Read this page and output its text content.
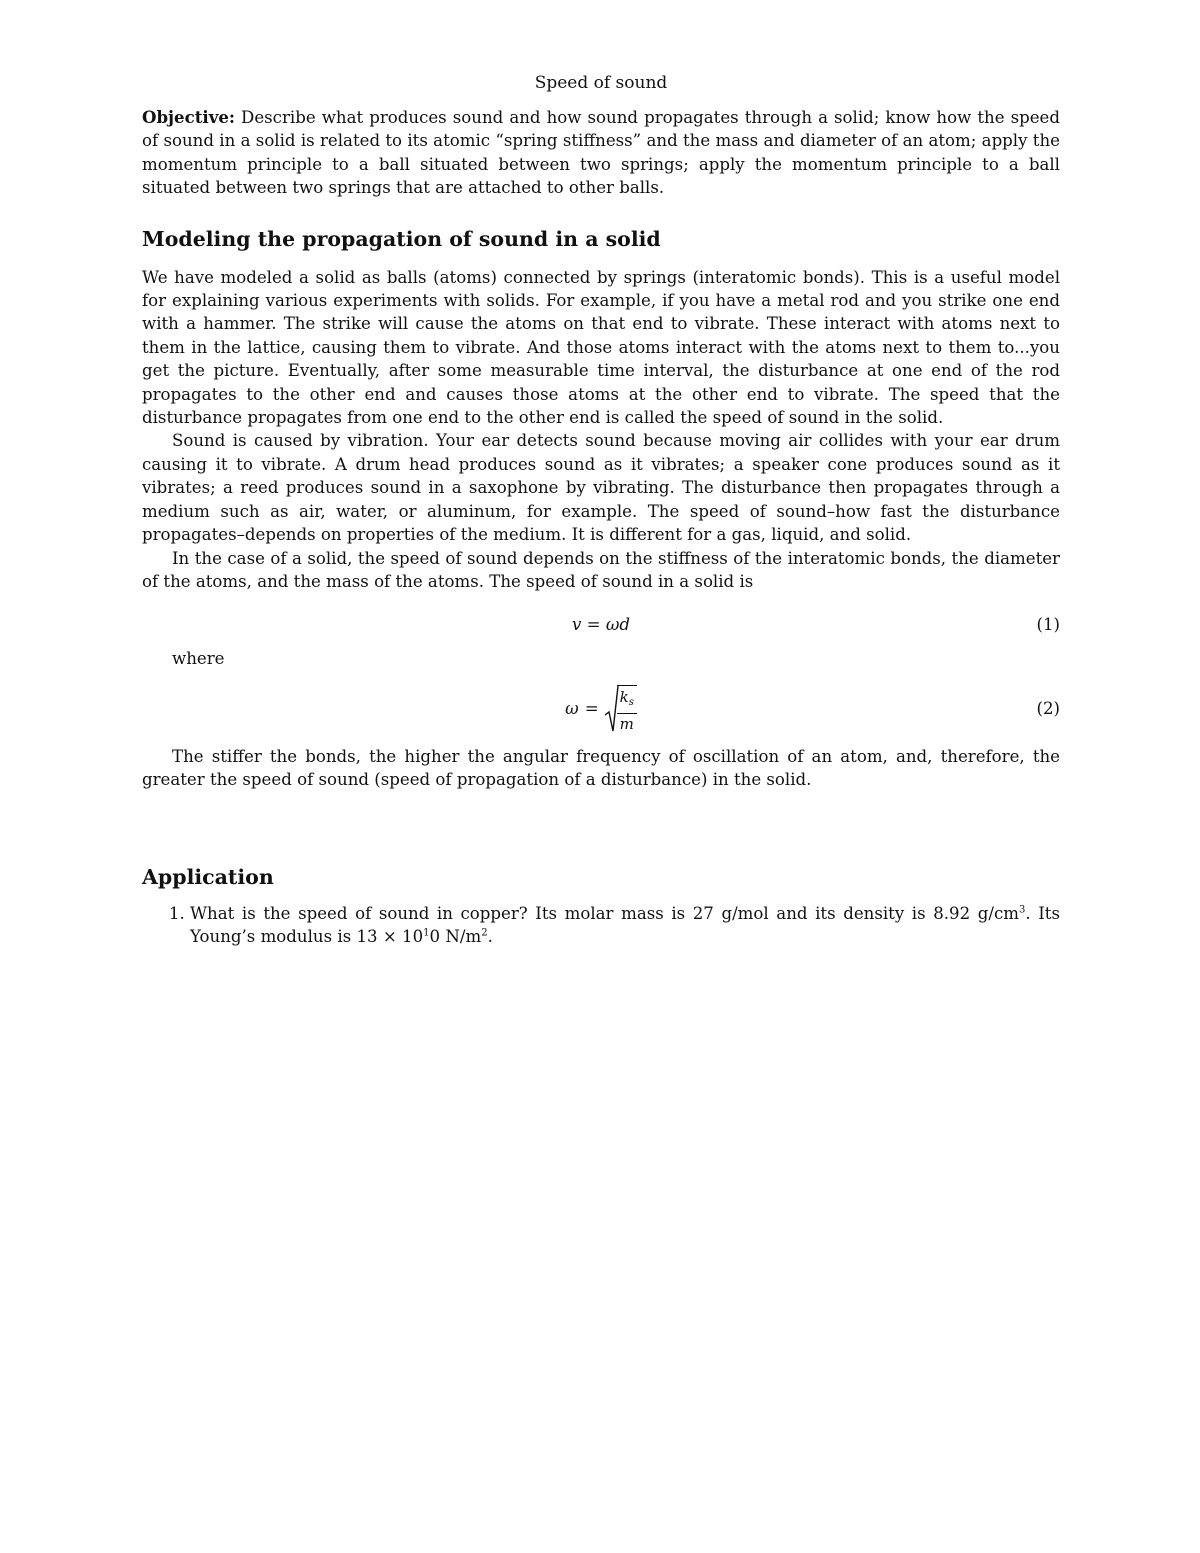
Speed of sound

Objective: Describe what produces sound and how sound propagates through a solid; know how the speed of sound in a solid is related to its atomic “spring stiffness” and the mass and diameter of an atom; apply the momentum principle to a ball situated between two springs; apply the momentum principle to a ball situated between two springs that are attached to other balls.

Modeling the propagation of sound in a solid

We have modeled a solid as balls (atoms) connected by springs (interatomic bonds). This is a useful model for explaining various experiments with solids. For example, if you have a metal rod and you strike one end with a hammer. The strike will cause the atoms on that end to vibrate. These interact with atoms next to them in the lattice, causing them to vibrate. And those atoms interact with the atoms next to them to...you get the picture. Eventually, after some measurable time interval, the disturbance at one end of the rod propagates to the other end and causes those atoms at the other end to vibrate. The speed that the disturbance propagates from one end to the other end is called the speed of sound in the solid.

Sound is caused by vibration. Your ear detects sound because moving air collides with your ear drum causing it to vibrate. A drum head produces sound as it vibrates; a speaker cone produces sound as it vibrates; a reed produces sound in a saxophone by vibrating. The disturbance then propagates through a medium such as air, water, or aluminum, for example. The speed of sound–how fast the disturbance propagates–depends on properties of the medium. It is different for a gas, liquid, and solid.

In the case of a solid, the speed of sound depends on the stiffness of the interatomic bonds, the diameter of the atoms, and the mass of the atoms. The speed of sound in a solid is

v = ωd	(1)
where
$\omega = \frac{k_s}{m}$	(2)

The stiffer the bonds, the higher the angular frequency of oscillation of an atom, and, therefore, the greater the speed of sound (speed of propagation of a disturbance) in the solid.

Application
1. What is the speed of sound in copper? Its molar mass is 27 g/mol and its density is 8.92 $g/cm^3$. Its Young’s modulus is $13 \times 10^10$ $N/m^2$.
